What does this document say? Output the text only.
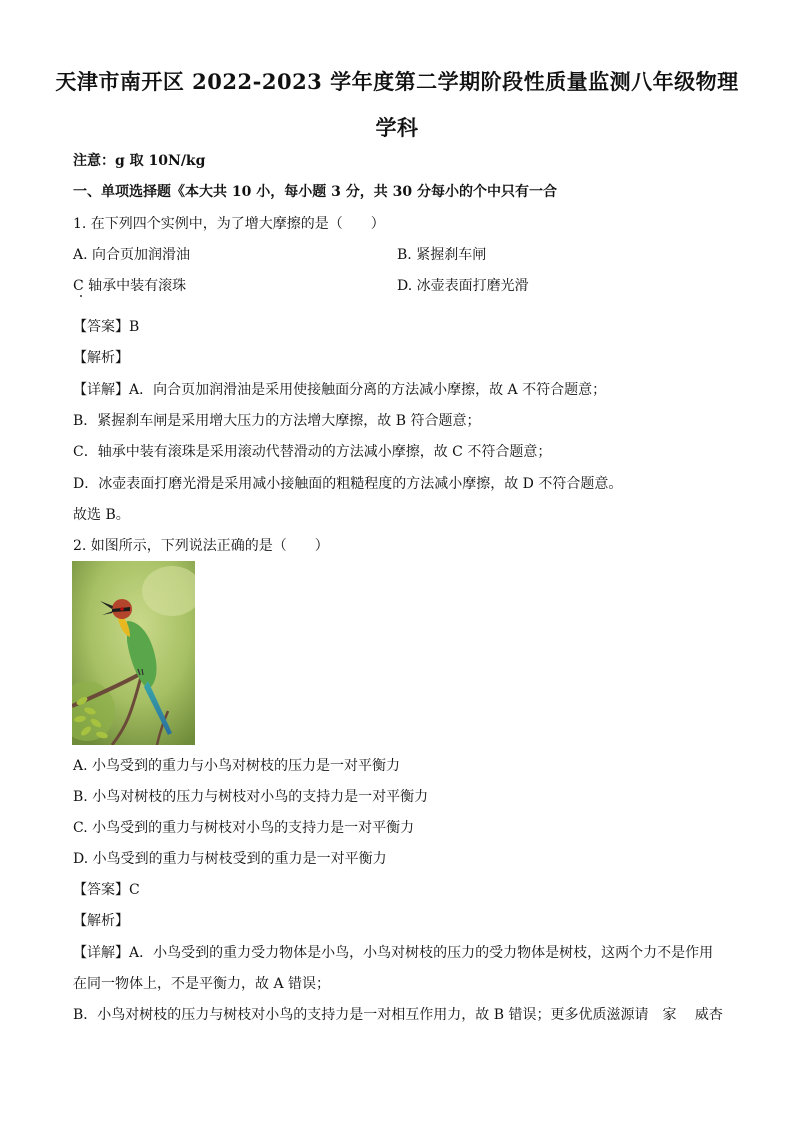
天津市南开区 2022-2023 学年度第二学期阶段性质量监测八年级物理
学科
注意：g 取 10N/kg
一、单项选择题《本大共 10 小，每小题 3 分，共 30 分每小的个中只有一合
1. 在下列四个实例中，为了增大摩擦的是（　　）
A. 向合页加润滑油	B. 紧握刹车闸
C 轴承中装有滚珠	D. 冰壶表面打磨光滑
【答案】B
【解析】
【详解】A．向合页加润滑油是采用使接触面分离的方法减小摩擦，故 A 不符合题意；
B．紧握刹车闸是采用增大压力的方法增大摩擦，故 B 符合题意；
C．轴承中装有滚珠是采用滚动代替滑动的方法减小摩擦，故 C 不符合题意；
D．冰壶表面打磨光滑是采用减小接触面的粗糙程度的方法减小摩擦，故 D 不符合题意。
故选 B。
2. 如图所示，下列说法正确的是（　　）
A. 小鸟受到的重力与小鸟对树枝的压力是一对平衡力
B. 小鸟对树枝的压力与树枝对小鸟的支持力是一对平衡力
C. 小鸟受到的重力与树枝对小鸟的支持力是一对平衡力
D. 小鸟受到的重力与树枝受到的重力是一对平衡力
【答案】C
【解析】
【详解】A．小鸟受到的重力受力物体是小鸟，小鸟对树枝的压力的受力物体是树枝，这两个力不是作用
在同一物体上，不是平衡力，故 A 错误；
B．小鸟对树枝的压力与树枝对小鸟的支持力是一对相互作用力，故 B 错误；更多优质滋源请　家　 威杏
